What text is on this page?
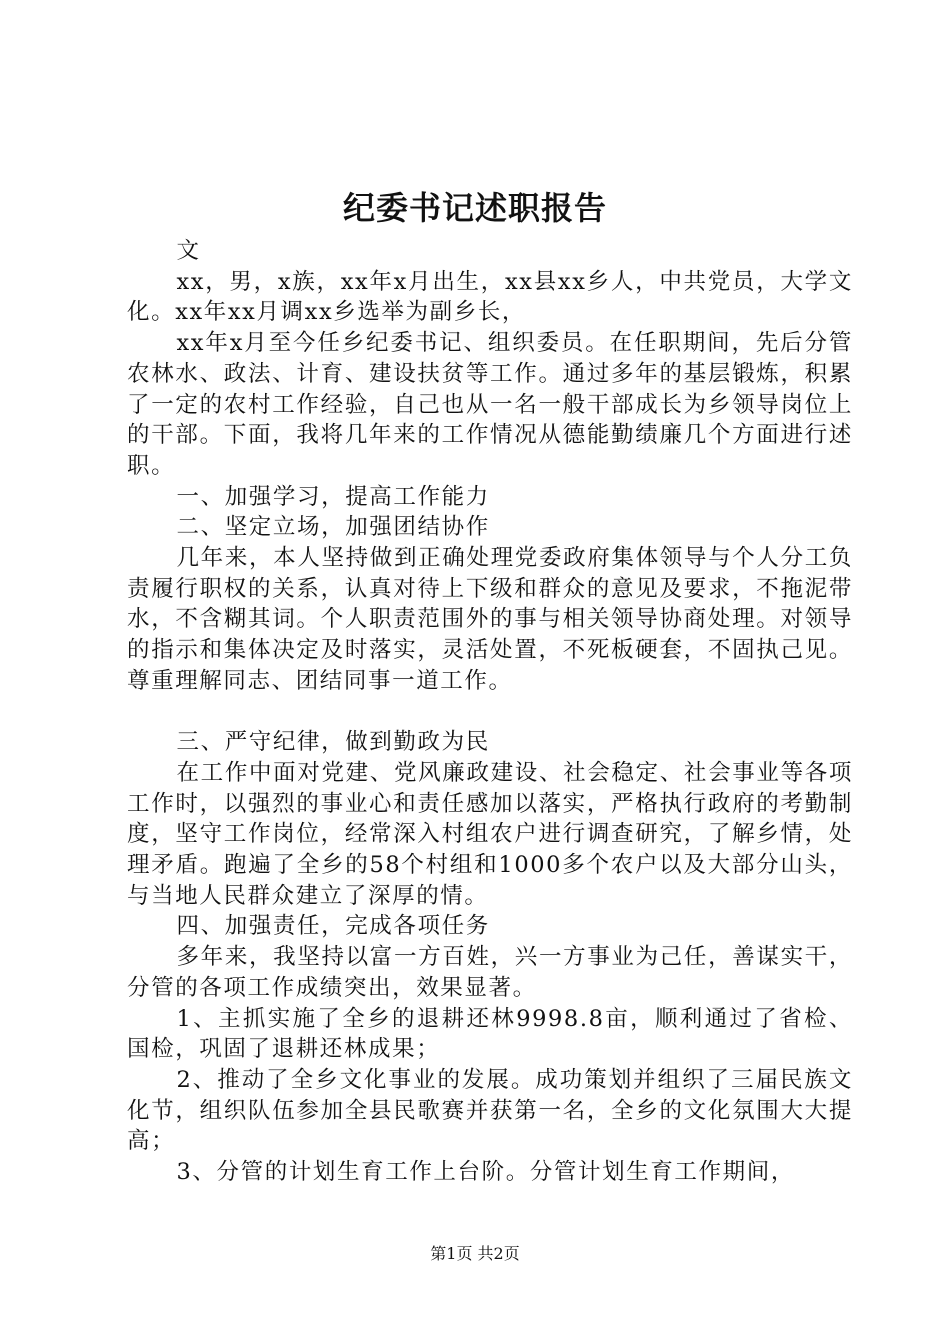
纪委书记述职报告

文

xx，男，x族，xx年x月出生，xx县xx乡人，中共党员，大学文化。xx年xx月调xx乡选举为副乡长，

xx年x月至今任乡纪委书记、组织委员。在任职期间，先后分管农林水、政法、计育、建设扶贫等工作。通过多年的基层锻炼，积累了一定的农村工作经验，自己也从一名一般干部成长为乡领导岗位上的干部。下面，我将几年来的工作情况从德能勤绩廉几个方面进行述职。

一、加强学习，提高工作能力

二、坚定立场，加强团结协作

几年来，本人坚持做到正确处理党委政府集体领导与个人分工负责履行职权的关系，认真对待上下级和群众的意见及要求，不拖泥带水，不含糊其词。个人职责范围外的事与相关领导协商处理。对领导的指示和集体决定及时落实，灵活处置，不死板硬套，不固执己见。尊重理解同志、团结同事一道工作。

三、严守纪律，做到勤政为民

在工作中面对党建、党风廉政建设、社会稳定、社会事业等各项工作时，以强烈的事业心和责任感加以落实，严格执行政府的考勤制度，坚守工作岗位，经常深入村组农户进行调查研究，了解乡情，处理矛盾。跑遍了全乡的58个村组和1000多个农户以及大部分山头，与当地人民群众建立了深厚的情。

四、加强责任，完成各项任务

多年来，我坚持以富一方百姓，兴一方事业为己任，善谋实干，分管的各项工作成绩突出，效果显著。

1、主抓实施了全乡的退耕还林9998.8亩，顺利通过了省检、国检，巩固了退耕还林成果；

2、推动了全乡文化事业的发展。成功策划并组织了三届民族文化节，组织队伍参加全县民歌赛并获第一名，全乡的文化氛围大大提高；

3、分管的计划生育工作上台阶。分管计划生育工作期间，

第1页 共2页
